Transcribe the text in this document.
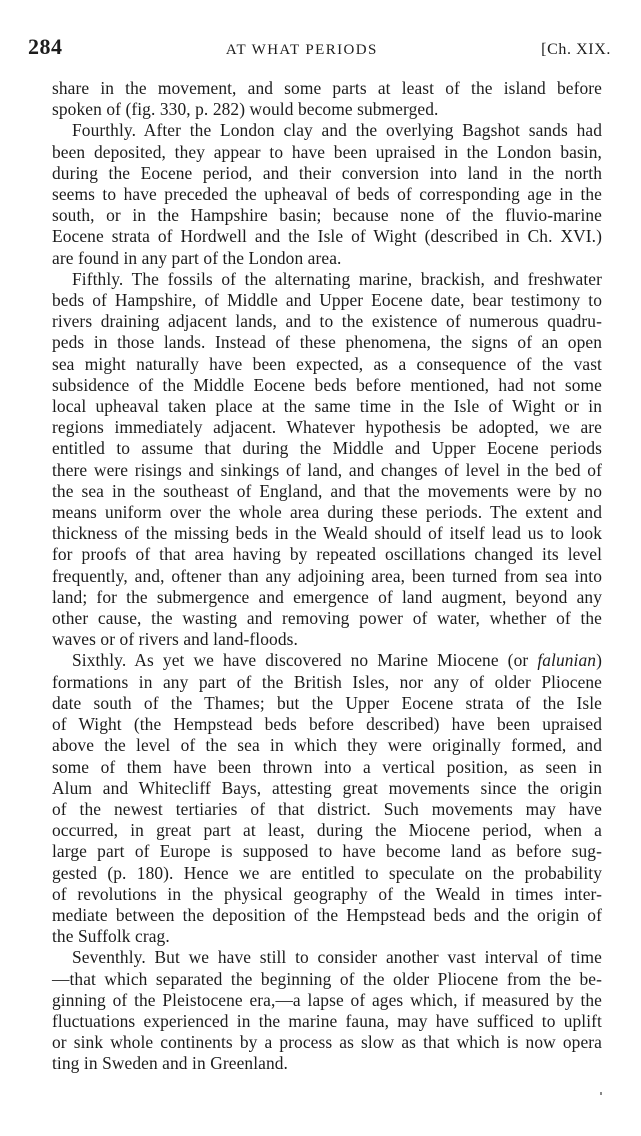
284	AT WHAT PERIODS	[Ch. XIX.

share in the movement, and some parts at least of the island before
spoken of (fig. 330, p. 282) would become submerged.

Fourthly. After the London clay and the overlying Bagshot sands had
been deposited, they appear to have been upraised in the London basin,
during the Eocene period, and their conversion into land in the north
seems to have preceded the upheaval of beds of corresponding age in the
south, or in the Hampshire basin; because none of the fluvio-marine
Eocene strata of Hordwell and the Isle of Wight (described in Ch. XVI.)
are found in any part of the London area.

Fifthly. The fossils of the alternating marine, brackish, and freshwater
beds of Hampshire, of Middle and Upper Eocene date, bear testimony to
rivers draining adjacent lands, and to the existence of numerous quadru-
peds in those lands. Instead of these phenomena, the signs of an open
sea might naturally have been expected, as a consequence of the vast
subsidence of the Middle Eocene beds before mentioned, had not some
local upheaval taken place at the same time in the Isle of Wight or in
regions immediately adjacent. Whatever hypothesis be adopted, we are
entitled to assume that during the Middle and Upper Eocene periods
there were risings and sinkings of land, and changes of level in the bed of
the sea in the southeast of England, and that the movements were by no
means uniform over the whole area during these periods. The extent and
thickness of the missing beds in the Weald should of itself lead us to look
for proofs of that area having by repeated oscillations changed its level
frequently, and, oftener than any adjoining area, been turned from sea into
land; for the submergence and emergence of land augment, beyond any
other cause, the wasting and removing power of water, whether of the
waves or of rivers and land-floods.

Sixthly. As yet we have discovered no Marine Miocene (or falunian)
formations in any part of the British Isles, nor any of older Pliocene
date south of the Thames; but the Upper Eocene strata of the Isle
of Wight (the Hempstead beds before described) have been upraised
above the level of the sea in which they were originally formed, and
some of them have been thrown into a vertical position, as seen in
Alum and Whitecliff Bays, attesting great movements since the origin
of the newest tertiaries of that district. Such movements may have
occurred, in great part at least, during the Miocene period, when a
large part of Europe is supposed to have become land as before sug-
gested (p. 180). Hence we are entitled to speculate on the probability
of revolutions in the physical geography of the Weald in times inter-
mediate between the deposition of the Hempstead beds and the origin of
the Suffolk crag.

Seventhly. But we have still to consider another vast interval of time
—that which separated the beginning of the older Pliocene from the be-
ginning of the Pleistocene era,—a lapse of ages which, if measured by the
fluctuations experienced in the marine fauna, may have sufficed to uplift
or sink whole continents by a process as slow as that which is now opera
ting in Sweden and in Greenland.
